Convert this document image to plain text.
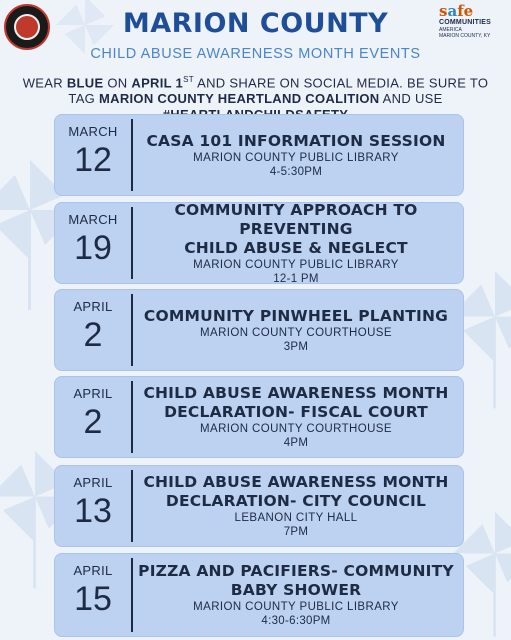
safe
COMMUNITIES
AMERICA
MARION COUNTY, KY
MARION COUNTY
CHILD ABUSE AWARENESS MONTH EVENTS
WEAR BLUE ON APRIL 1ST AND SHARE ON SOCIAL MEDIA. BE SURE TO TAG MARION COUNTY HEARTLAND COALITION AND USE
MARCH
12
CASA 101 INFORMATION SESSION
MARION COUNTY PUBLIC LIBRARY
4-5:30PM
MARCH
19
COMMUNITY APPROACH TO PREVENTING
CHILD ABUSE & NEGLECT
MARION COUNTY PUBLIC LIBRARY
12-1 PM
APRIL
2
COMMUNITY PINWHEEL PLANTING
MARION COUNTY COURTHOUSE
3PM
APRIL
2
CHILD ABUSE AWARENESS MONTH
DECLARATION- FISCAL COURT
MARION COUNTY COURTHOUSE
4PM
APRIL
13
CHILD ABUSE AWARENESS MONTH
DECLARATION- CITY COUNCIL
LEBANON CITY HALL
7PM
APRIL
15
PIZZA AND PACIFIERS- COMMUNITY
BABY SHOWER
MARION COUNTY PUBLIC LIBRARY
4:30-6:30PM
